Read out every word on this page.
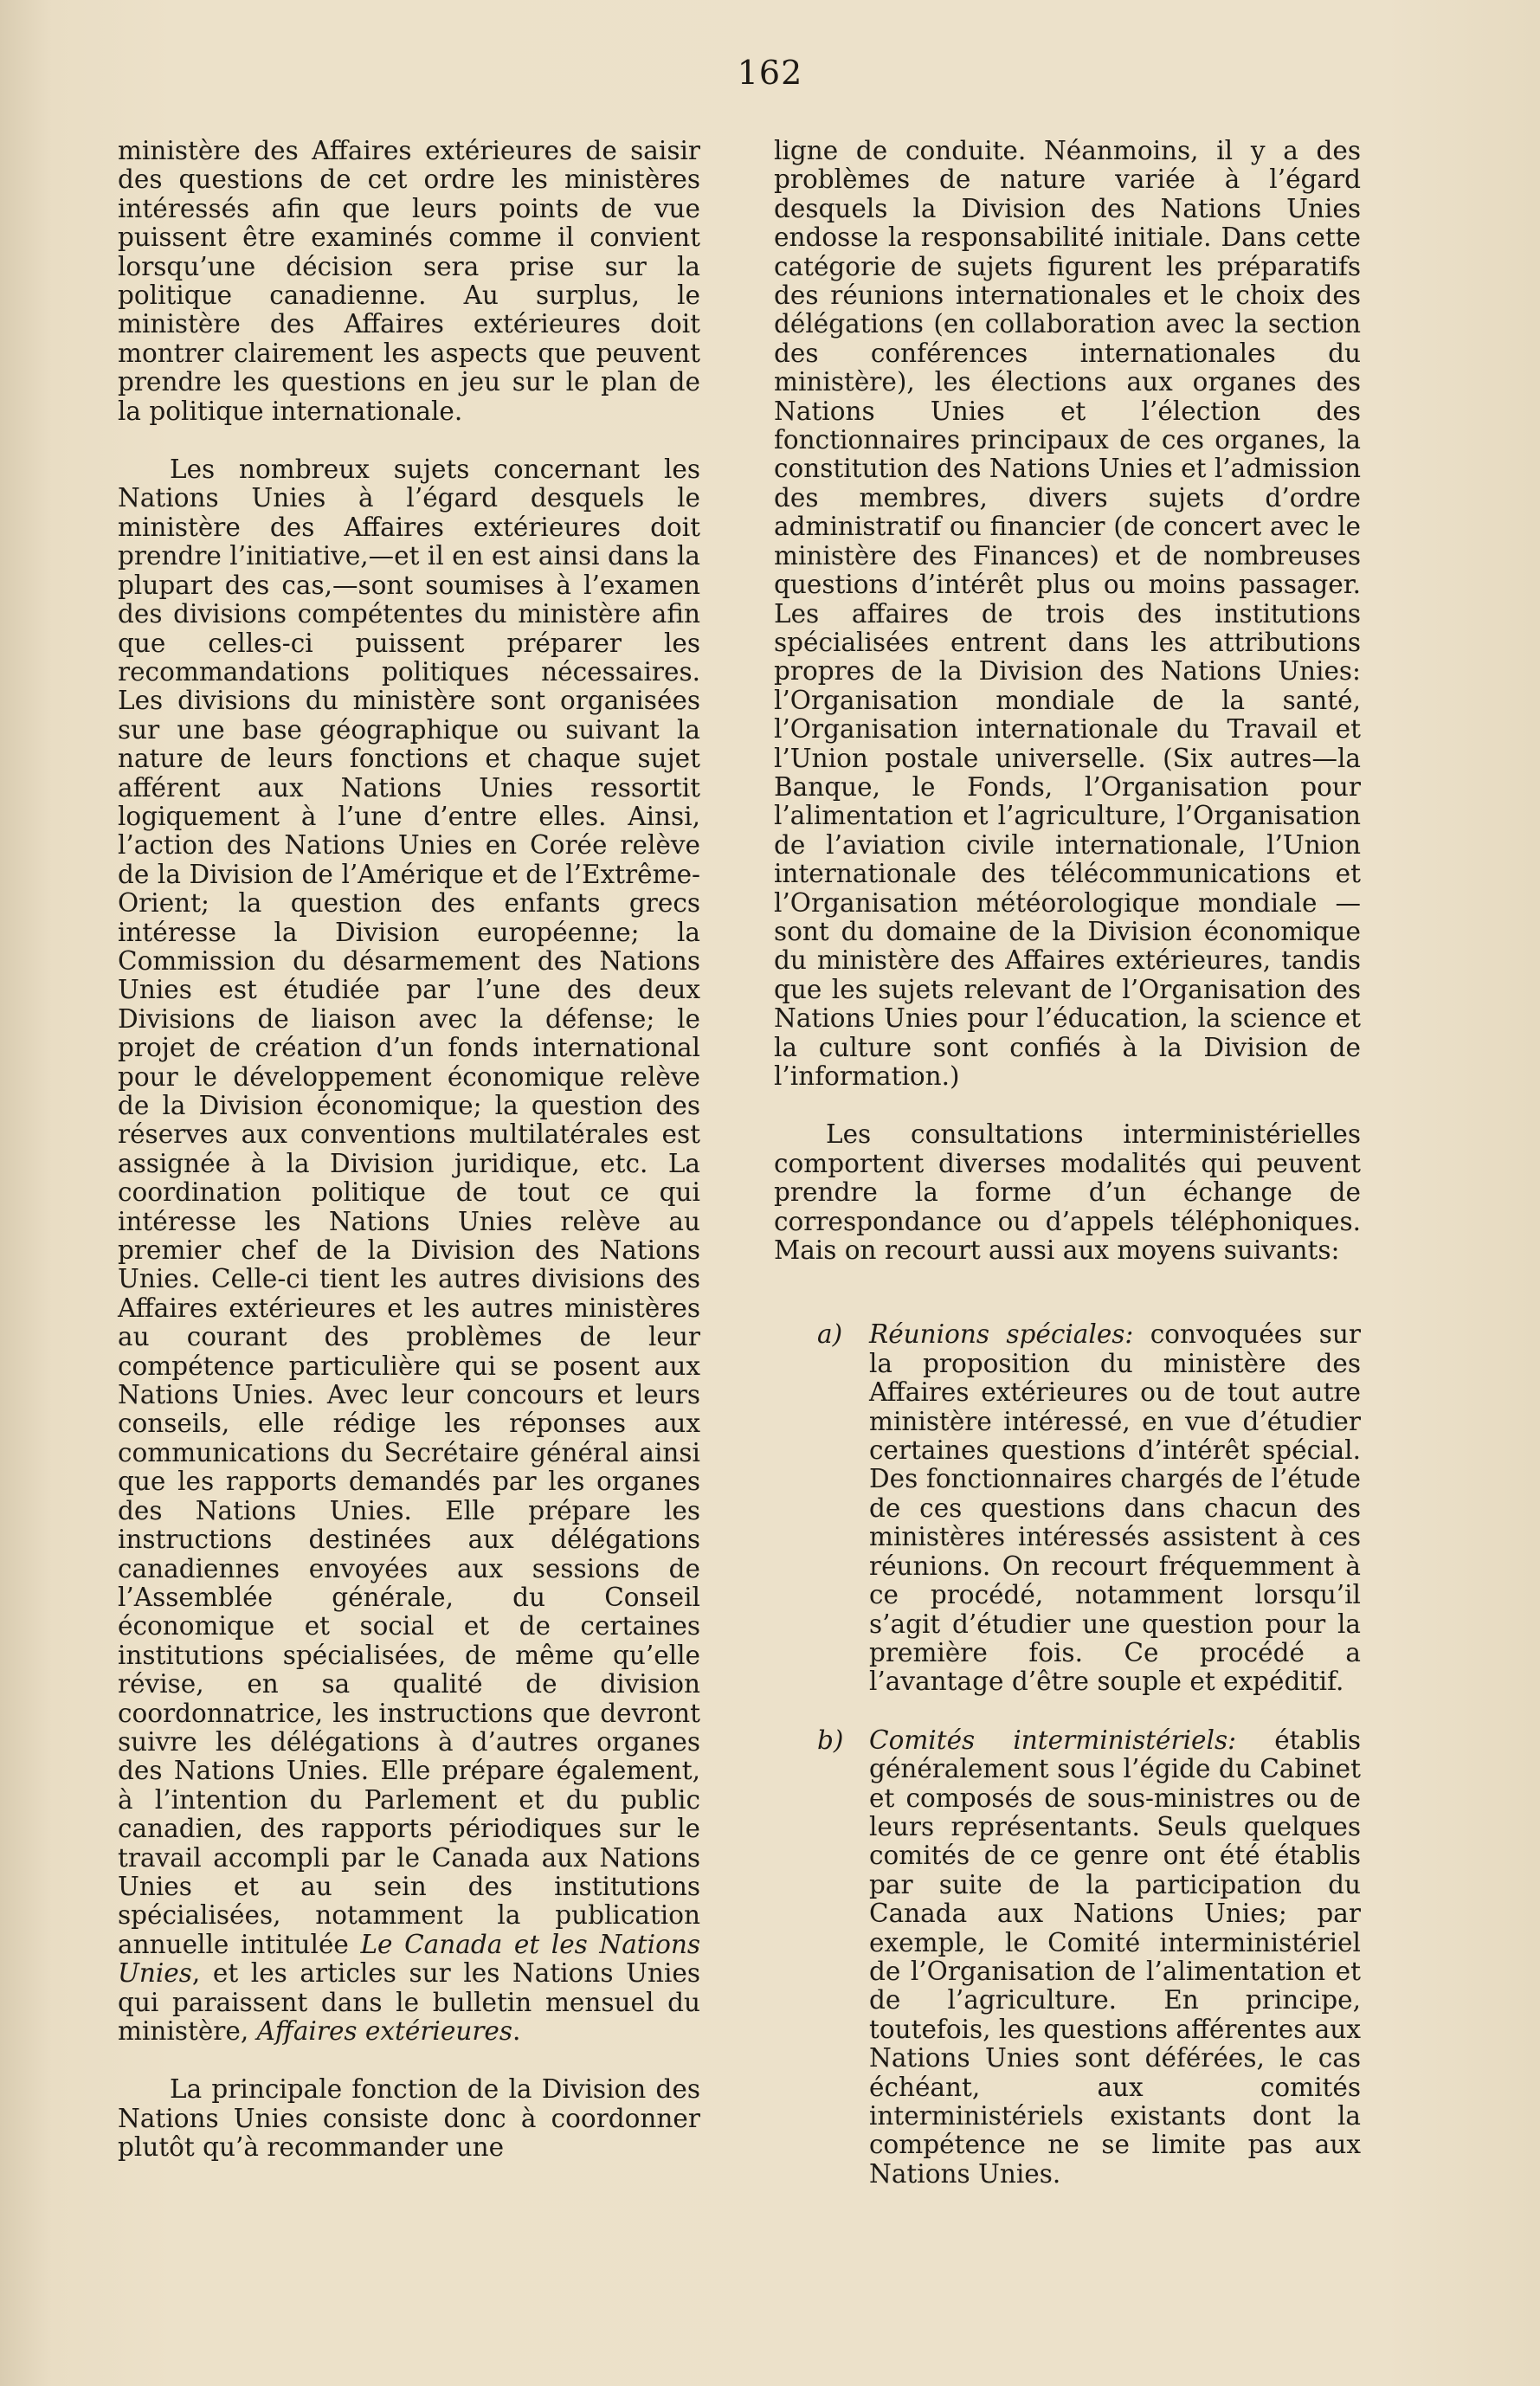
162

ministère des Affaires extérieures de saisir des questions de cet ordre les ministères intéressés afin que leurs points de vue puissent être examinés comme il convient lorsqu’une décision sera prise sur la politique canadienne. Au surplus, le ministère des Affaires extérieures doit montrer clairement les aspects que peuvent prendre les questions en jeu sur le plan de la politique internationale.

Les nombreux sujets concernant les Nations Unies à l’égard desquels le ministère des Affaires extérieures doit prendre l’initiative,—et il en est ainsi dans la plupart des cas,—sont soumises à l’examen des divisions compétentes du ministère afin que celles-ci puissent préparer les recommandations politiques nécessaires. Les divisions du ministère sont organisées sur une base géographique ou suivant la nature de leurs fonctions et chaque sujet afférent aux Nations Unies ressortit logiquement à l’une d’entre elles. Ainsi, l’action des Nations Unies en Corée relève de la Division de l’Amérique et de l’Extrême-Orient; la question des enfants grecs intéresse la Division européenne; la Commission du désarmement des Nations Unies est étudiée par l’une des deux Divisions de liaison avec la défense; le projet de création d’un fonds international pour le développement économique relève de la Division économique; la question des réserves aux conventions multilatérales est assignée à la Division juridique, etc. La coordination politique de tout ce qui intéresse les Nations Unies relève au premier chef de la Division des Nations Unies. Celle-ci tient les autres divisions des Affaires extérieures et les autres ministères au courant des problèmes de leur compétence particulière qui se posent aux Nations Unies. Avec leur concours et leurs conseils, elle rédige les réponses aux communications du Secrétaire général ainsi que les rapports demandés par les organes des Nations Unies. Elle prépare les instructions destinées aux délégations canadiennes envoyées aux sessions de l’Assemblée générale, du Conseil économique et social et de certaines institutions spécialisées, de même qu’elle révise, en sa qualité de division coordonnatrice, les instructions que devront suivre les délégations à d’autres organes des Nations Unies. Elle prépare également, à l’intention du Parlement et du public canadien, des rapports périodiques sur le travail accompli par le Canada aux Nations Unies et au sein des institutions spécialisées, notamment la publication annuelle intitulée Le Canada et les Nations Unies, et les articles sur les Nations Unies qui paraissent dans le bulletin mensuel du ministère, Affaires extérieures.

La principale fonction de la Division des Nations Unies consiste donc à coordonner plutôt qu’à recommander une

ligne de conduite. Néanmoins, il y a des problèmes de nature variée à l’égard desquels la Division des Nations Unies endosse la responsabilité initiale. Dans cette catégorie de sujets figurent les préparatifs des réunions internationales et le choix des délégations (en collaboration avec la section des conférences internationales du ministère), les élections aux organes des Nations Unies et l’élection des fonctionnaires principaux de ces organes, la constitution des Nations Unies et l’admission des membres, divers sujets d’ordre administratif ou financier (de concert avec le ministère des Finances) et de nombreuses questions d’intérêt plus ou moins passager. Les affaires de trois des institutions spécialisées entrent dans les attributions propres de la Division des Nations Unies: l’Organisation mondiale de la santé, l’Organisation internationale du Travail et l’Union postale universelle. (Six autres—la Banque, le Fonds, l’Organisation pour l’alimentation et l’agriculture, l’Organisation de l’aviation civile internationale, l’Union internationale des télécommunications et l’Organisation météorologique mondiale — sont du domaine de la Division économique du ministère des Affaires extérieures, tandis que les sujets relevant de l’Organisation des Nations Unies pour l’éducation, la science et la culture sont confiés à la Division de l’information.)

Les consultations interministérielles comportent diverses modalités qui peuvent prendre la forme d’un échange de correspondance ou d’appels téléphoniques. Mais on recourt aussi aux moyens suivants:

a) Réunions spéciales: convoquées sur la proposition du ministère des Affaires extérieures ou de tout autre ministère intéressé, en vue d’étudier certaines questions d’intérêt spécial. Des fonctionnaires chargés de l’étude de ces questions dans chacun des ministères intéressés assistent à ces réunions. On recourt fréquemment à ce procédé, notamment lorsqu’il s’agit d’étudier une question pour la première fois. Ce procédé a l’avantage d’être souple et expéditif.

b) Comités interministériels: établis généralement sous l’égide du Cabinet et composés de sous-ministres ou de leurs représentants. Seuls quelques comités de ce genre ont été établis par suite de la participation du Canada aux Nations Unies; par exemple, le Comité interministériel de l’Organisation de l’alimentation et de l’agriculture. En principe, toutefois, les questions afférentes aux Nations Unies sont déférées, le cas échéant, aux comités interministériels existants dont la compétence ne se limite pas aux Nations Unies.
